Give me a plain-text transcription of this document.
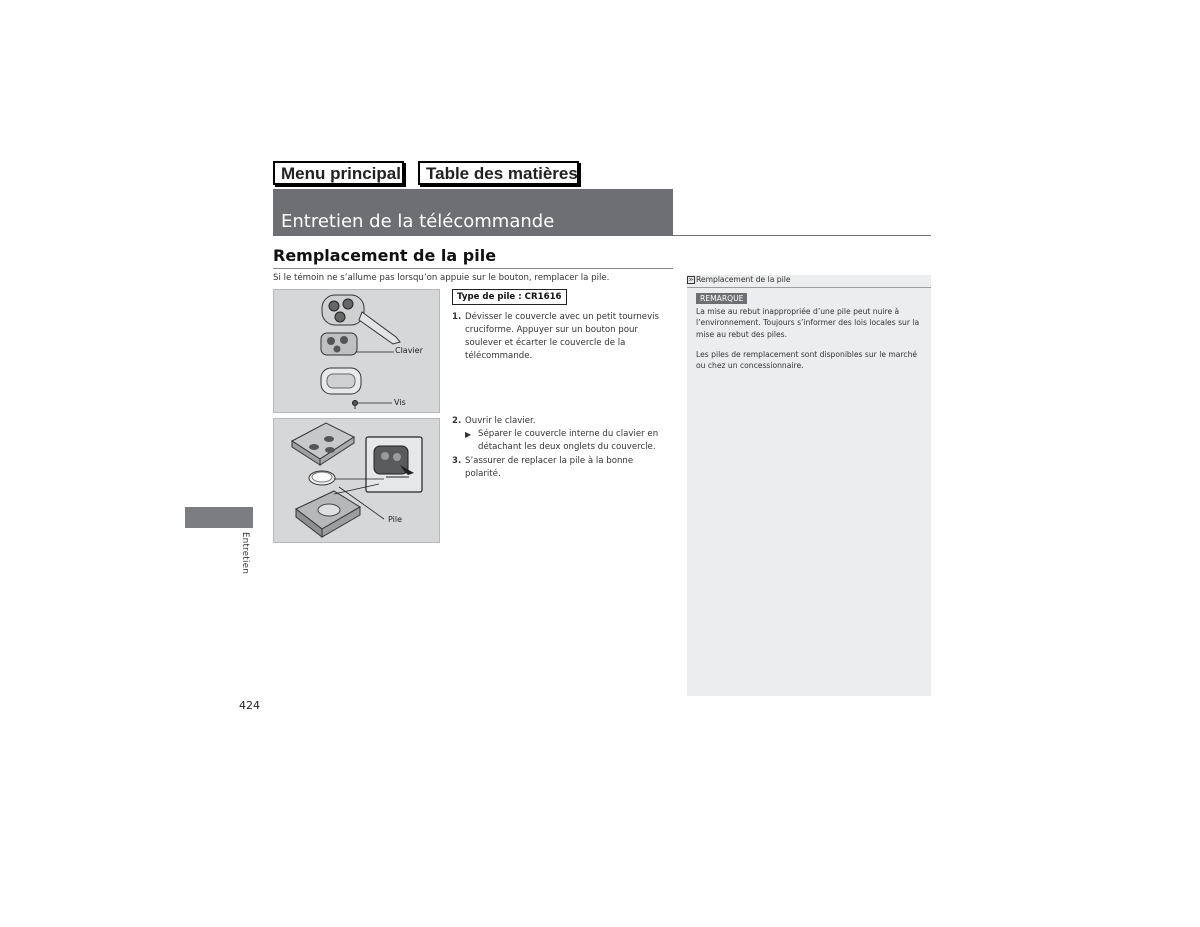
Menu principal	Table des matières
Entretien de la télécommande
Remplacement de la pile
Si le témoin ne s’allume pas lorsqu’on appuie sur le bouton, remplacer la pile.
Clavier
Vis
Pile
Type de pile : CR1616
1. Dévisser le couvercle avec un petit tournevis cruciforme. Appuyer sur un bouton pour soulever et écarter le couvercle de la télécommande.
2. Ouvrir le clavier.
▶ Séparer le couvercle interne du clavier en détachant les deux onglets du couvercle.
3. S’assurer de replacer la pile à la bonne polarité.
≫ Remplacement de la pile
REMARQUE
La mise au rebut inappropriée d’une pile peut nuire à l’environnement. Toujours s’informer des lois locales sur la mise au rebut des piles.
Les piles de remplacement sont disponibles sur le marché ou chez un concessionnaire.
Entretien
424
